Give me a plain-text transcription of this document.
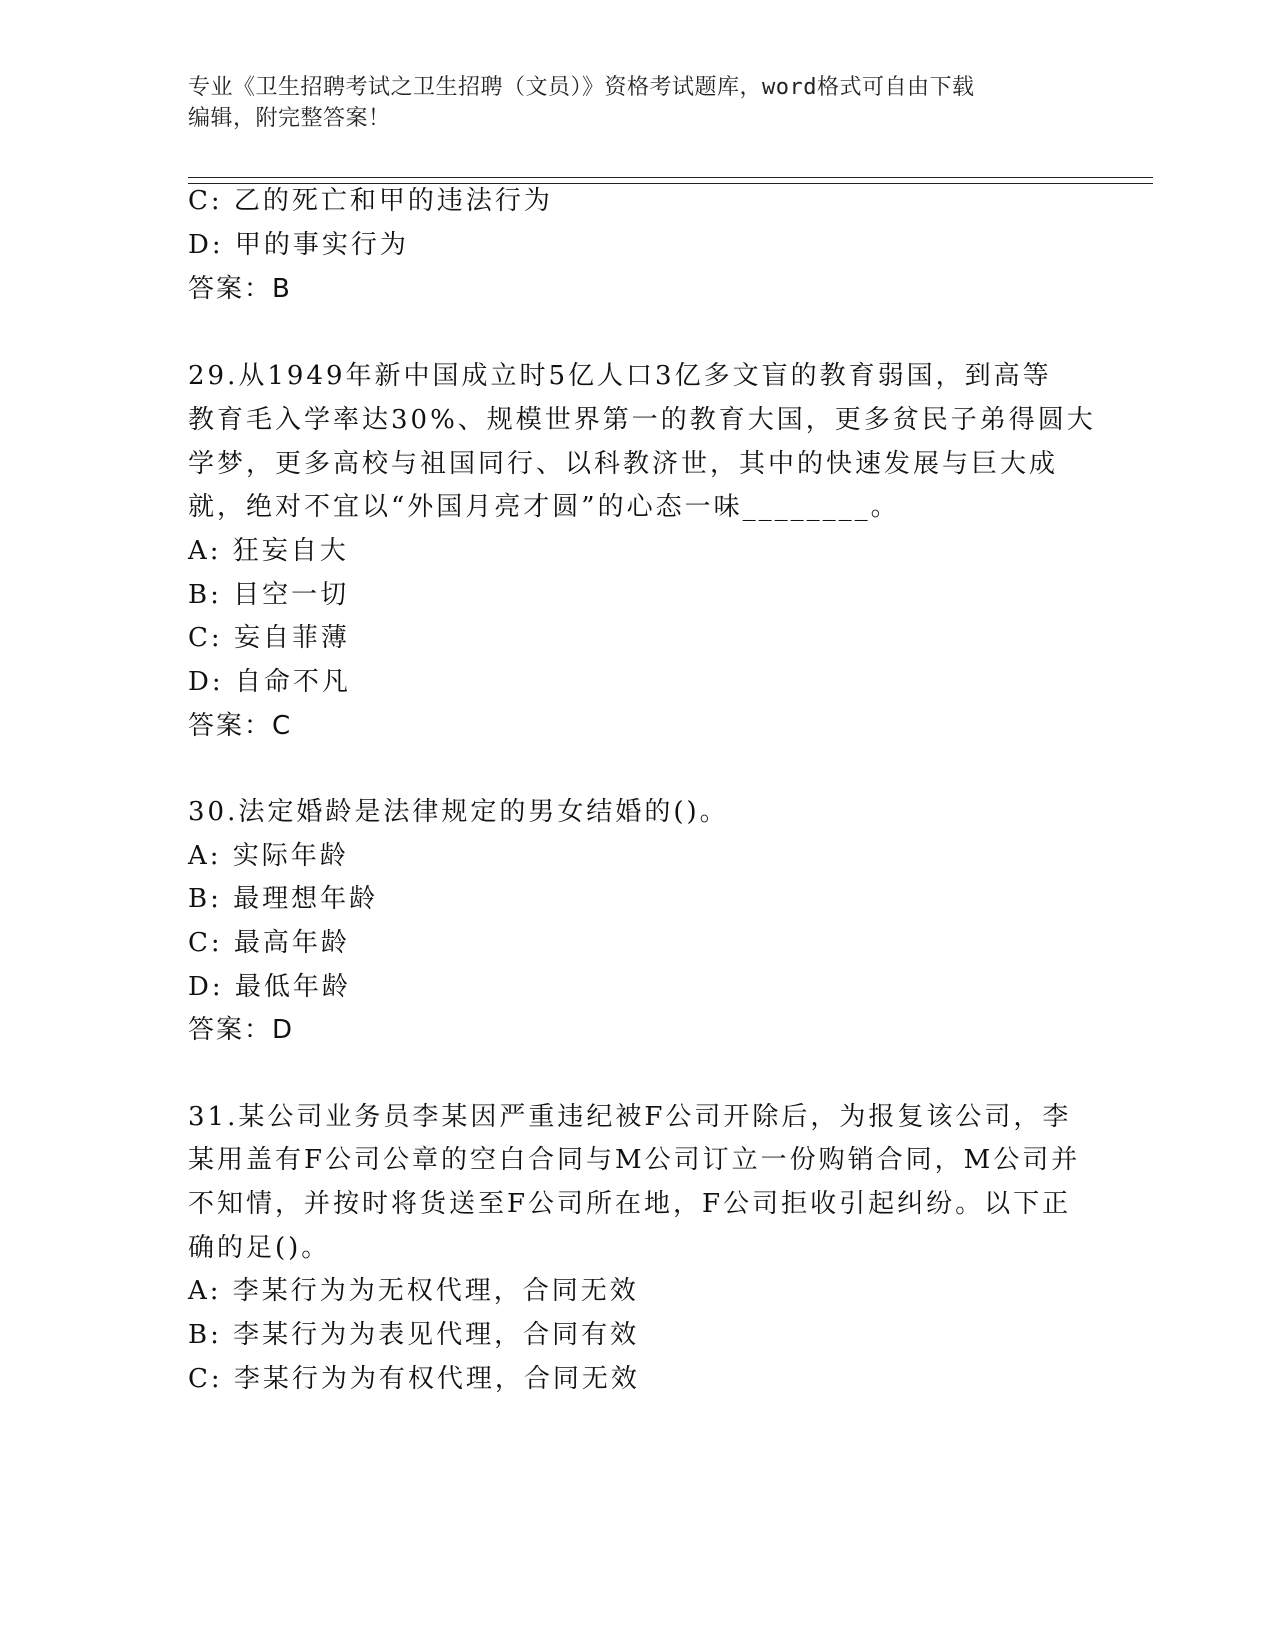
专业《卫生招聘考试之卫生招聘（文员）》资格考试题库，word格式可自由下载
编辑，附完整答案！
C: 乙的死亡和甲的违法行为
D: 甲的事实行为
答案：B
29.从1949年新中国成立时5亿人口3亿多文盲的教育弱国，到高等
教育毛入学率达30%、规模世界第一的教育大国，更多贫民子弟得圆大
学梦，更多高校与祖国同行、以科教济世，其中的快速发展与巨大成
就，绝对不宜以“外国月亮才圆”的心态一味________。
A: 狂妄自大
B: 目空一切
C: 妄自菲薄
D: 自命不凡
答案：C
30.法定婚龄是法律规定的男女结婚的()。
A: 实际年龄
B: 最理想年龄
C: 最高年龄
D: 最低年龄
答案：D
31.某公司业务员李某因严重违纪被F公司开除后，为报复该公司，李
某用盖有F公司公章的空白合同与M公司订立一份购销合同，M公司并
不知情，并按时将货送至F公司所在地，F公司拒收引起纠纷。以下正
确的足()。
A: 李某行为为无权代理，合同无效
B: 李某行为为表见代理，合同有效
C: 李某行为为有权代理，合同无效
